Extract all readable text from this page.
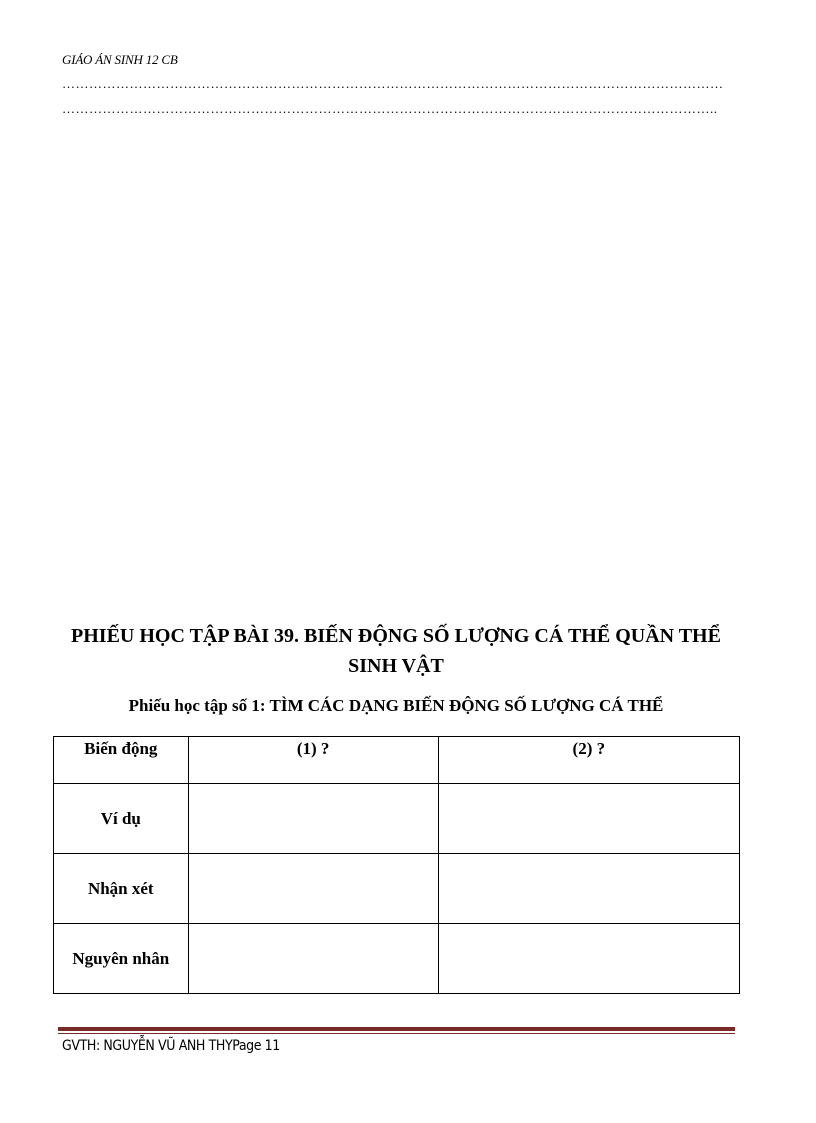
GIÁO ÁN SINH 12 CB
…………………………………………………………………………………………………………………………………
………………………………………………………………………………………………………………………………..
PHIẾU HỌC TẬP BÀI 39. BIẾN ĐỘNG SỐ LƯỢNG CÁ THỂ QUẦN THỂ SINH VẬT
Phiếu học tập số 1: TÌM CÁC DẠNG BIẾN ĐỘNG SỐ LƯỢNG CÁ THỂ
Biến động	(1) ?	(2) ?
Ví dụ		
Nhận xét		
Nguyên nhân		
GVTH: NGUYỄN VŨ ANH THYPage 11
